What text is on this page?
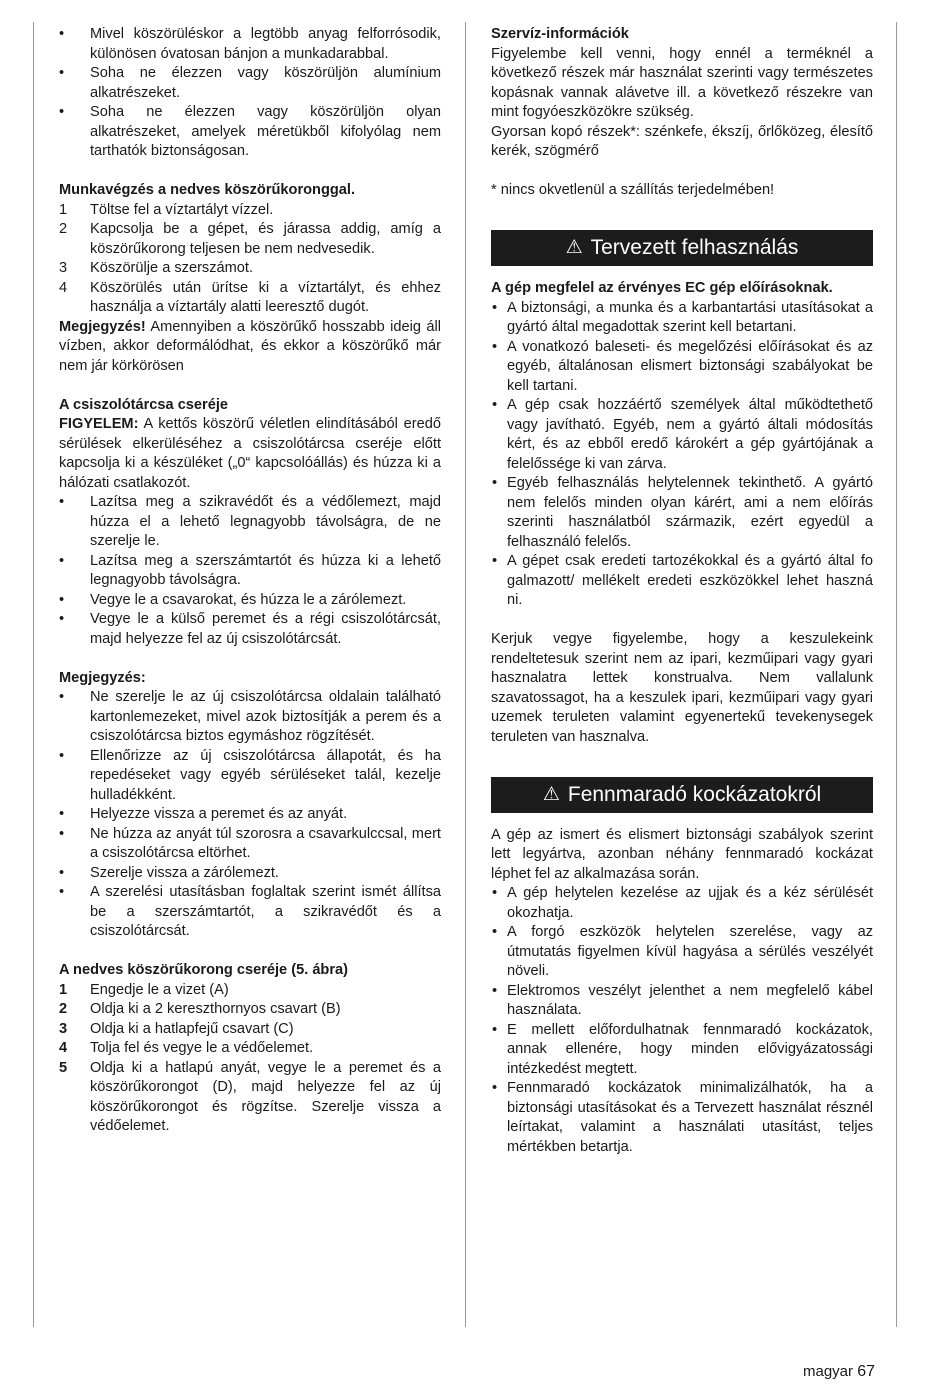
•	Mivel köszörüléskor a legtöbb anyag felforrósodik, különösen óvatosan bánjon a munkadarabbal.
•	Soha ne élezzen vagy köszörüljön alumínium alkatrészeket.
•	Soha ne élezzen vagy köszörüljön olyan alkatrészeket, amelyek méretükből kifolyólag nem tarthatók biztonságosan.

Munkavégzés a nedves köszörűkoronggal.

1	Töltse fel a víztartályt vízzel.
2	Kapcsolja be a gépet, és járassa addig, amíg a köszörűkorong teljesen be nem nedvesedik.
3	Köszörülje a szerszámot.
4	Köszörülés után ürítse ki a víztartályt, és ehhez használja a víztartály alatti leeresztő dugót.

Megjegyzés! Amennyiben a köszörűkő hosszabb ideig áll vízben, akkor deformálódhat, és ekkor a köszörűkő már nem jár körkörösen

A csiszolótárcsa cseréje

FIGYELEM: A kettős köszörű véletlen elindításából eredő sérülések elkerüléséhez a csiszolótárcsa cseréje előtt kapcsolja ki a készüléket („0“ kapcsolóállás) és húzza ki a hálózati csatlakozót.

•	Lazítsa meg a szikravédőt és a védőlemezt, majd húzza el a lehető legnagyobb távolságra, de ne szerelje le.
•	Lazítsa meg a szerszámtartót és húzza ki a lehető legnagyobb távolságra.
•	Vegye le a csavarokat, és húzza le a zárólemezt.
•	Vegye le a külső peremet és a régi csiszolótárcsát, majd helyezze fel az új csiszolótárcsát.

Megjegyzés:

•	Ne szerelje le az új csiszolótárcsa oldalain található kartonlemezeket, mivel azok biztosítják a perem és a csiszolótárcsa biztos egymáshoz rögzítését.
•	Ellenőrizze az új csiszolótárcsa állapotát, és ha repedéseket vagy egyéb sérüléseket talál, kezelje hulladékként.
•	Helyezze vissza a peremet és az anyát.
•	Ne húzza az anyát túl szorosra a csavarkulccsal, mert a csiszolótárcsa eltörhet.
•	Szerelje vissza a zárólemezt.
•	A szerelési utasításban foglaltak szerint ismét állítsa be a szerszámtartót, a szikravédőt és a csiszolótárcsát.

A nedves köszörűkorong cseréje (5. ábra)

1	Engedje le a vizet (A)
2	Oldja ki a 2 kereszthornyos csavart (B)
3	Oldja ki a hatlapfejű csavart (C)
4	Tolja fel és vegye le a védőelemet.
5	Oldja ki a hatlapú anyát, vegye le a peremet és a köszörűkorongot (D), majd helyezze fel az új köszörűkorongot és rögzítse. Szerelje vissza a védőelemet.

Szervíz-információk

Figyelembe kell venni, hogy ennél a terméknél a következő részek már használat szerinti vagy természetes kopásnak vannak alávetve ill. a következő részekre van mint fogyóeszközökre szükség.

Gyorsan kopó részek*: szénkefe, ékszíj, őrlőközeg, élesítő kerék, szögmérő

* nincs okvetlenül a szállítás terjedelmében!

⚠ Tervezett felhasználás

A gép megfelel az érvényes EC gép előírásoknak.

• A biztonsági, a munka és a karbantartási utasításokat a gyártó által megadottak szerint kell betartani.
• A vonatkozó baleseti- és megelőzési előírásokat és az egyéb, általánosan elismert biztonsági szabályokat be kell tartani.
• A gép csak hozzáértő személyek által működtethető vagy javítható. Egyéb, nem a gyártó általi módosítás kért, és az ebből eredő károkért a gép gyártójának a felelőssége ki van zárva.
• Egyéb felhasználás helytelennek tekinthető. A gyártó nem felelős minden olyan kárért, ami a nem előírás szerinti használatból származik, ezért egyedül a felhasználó felelős.
• A gépet csak eredeti tartozékokkal és a gyártó által fo galmazott/ mellékelt eredeti eszközökkel lehet haszná ni.

Kerjuk vegye figyelembe, hogy a keszulekeink rendeltetesuk szerint nem az ipari, kezműipari vagy gyari hasznalatra lettek konstrualva. Nem vallalunk szavatossagot, ha a keszulek ipari, kezműipari vagy gyari uzemek teruleten valamint egyenertekű tevekenysegek teruleten van hasznalva.

⚠ Fennmaradó kockázatokról

A gép az ismert és elismert biztonsági szabályok szerint lett legyártva, azonban néhány fennmaradó kockázat léphet fel az alkalmazása során.

• A gép helytelen kezelése az ujjak és a kéz sérülését okozhatja.
• A forgó eszközök helytelen szerelése, vagy az útmutatás figyelmen kívül hagyása a sérülés veszélyét növeli.
• Elektromos veszélyt jelenthet a nem megfelelő kábel használata.
• E mellett előfordulhatnak fennmaradó kockázatok, annak ellenére, hogy minden elővigyázatossági intézkedést megtett.
• Fennmaradó kockázatok minimalizálhatók, ha a biztonsági utasításokat és a Tervezett használat résznél leírtakat, valamint a használati utasítást, teljes mértékben betartja.
magyar 67
